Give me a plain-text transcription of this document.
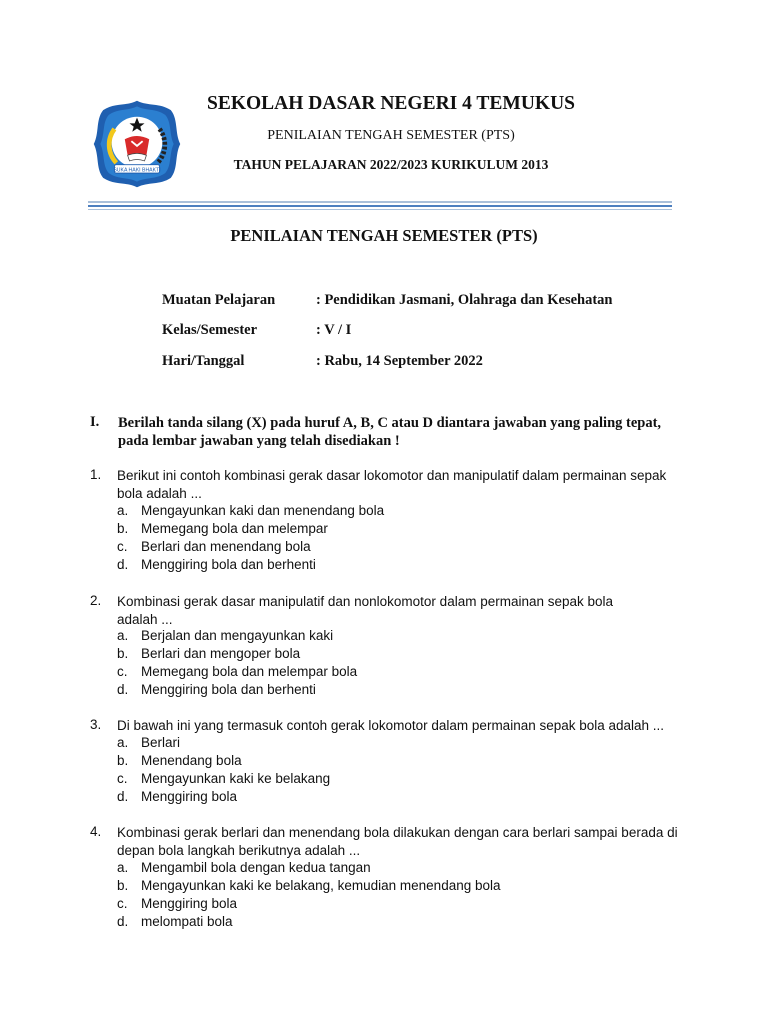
SUKA HAKI BHAKTI
SEKOLAH DASAR NEGERI 4 TEMUKUS
PENILAIAN TENGAH SEMESTER (PTS)
TAHUN PELAJARAN 2022/2023 KURIKULUM 2013
PENILAIAN TENGAH SEMESTER (PTS)
Muatan Pelajaran	: Pendidikan Jasmani, Olahraga dan Kesehatan
Kelas/Semester	: V / I
Hari/Tanggal	: Rabu, 14 September 2022
I. Berilah tanda silang (X) pada huruf A, B, C atau D diantara jawaban yang paling tepat, pada lembar jawaban yang telah disediakan !
1. Berikut ini contoh kombinasi gerak dasar lokomotor dan manipulatif dalam permainan sepak bola adalah ...
a. Mengayunkan kaki dan menendang bola
b. Memegang bola dan melempar
c. Berlari dan menendang bola
d. Menggiring bola dan berhenti
2. Kombinasi gerak dasar manipulatif dan nonlokomotor dalam permainan sepak bola adalah ...
a. Berjalan dan mengayunkan kaki
b. Berlari dan mengoper bola
c. Memegang bola dan melempar bola
d. Menggiring bola dan berhenti
3. Di bawah ini yang termasuk contoh gerak lokomotor dalam permainan sepak bola adalah ...
a. Berlari
b. Menendang bola
c. Mengayunkan kaki ke belakang
d. Menggiring bola
4. Kombinasi gerak berlari dan menendang bola dilakukan dengan cara berlari sampai berada di depan bola langkah berikutnya adalah ...
a. Mengambil bola dengan kedua tangan
b. Mengayunkan kaki ke belakang, kemudian menendang bola
c. Menggiring bola
d. melompati bola
